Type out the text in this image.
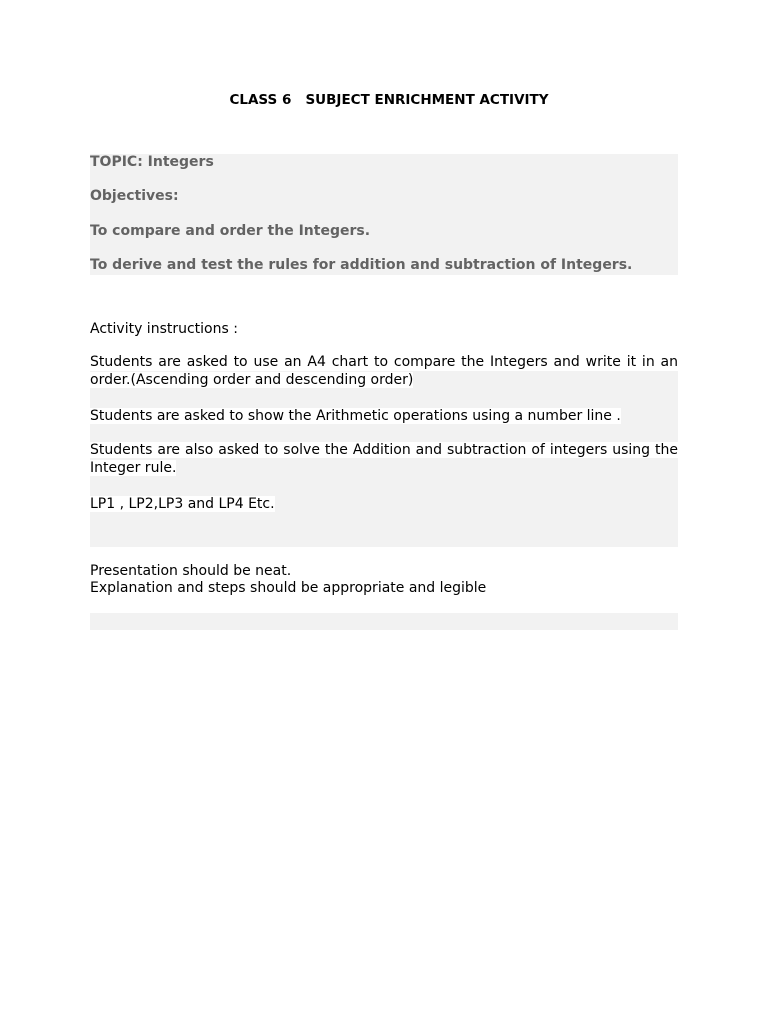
CLASS 6   SUBJECT ENRICHMENT ACTIVITY
TOPIC: Integers
Objectives:
To compare and order the Integers.
To derive and test the rules for addition and subtraction of Integers.
Activity instructions :
Students are asked to use an A4 chart to compare the Integers and write it in an order.(Ascending order and descending order)
Students are asked to show the Arithmetic operations using a number line .
Students are also asked to solve the Addition and subtraction of integers using the Integer rule.
LP1 , LP2,LP3 and LP4 Etc.
Presentation should be neat.
Explanation and steps should be appropriate and legible
